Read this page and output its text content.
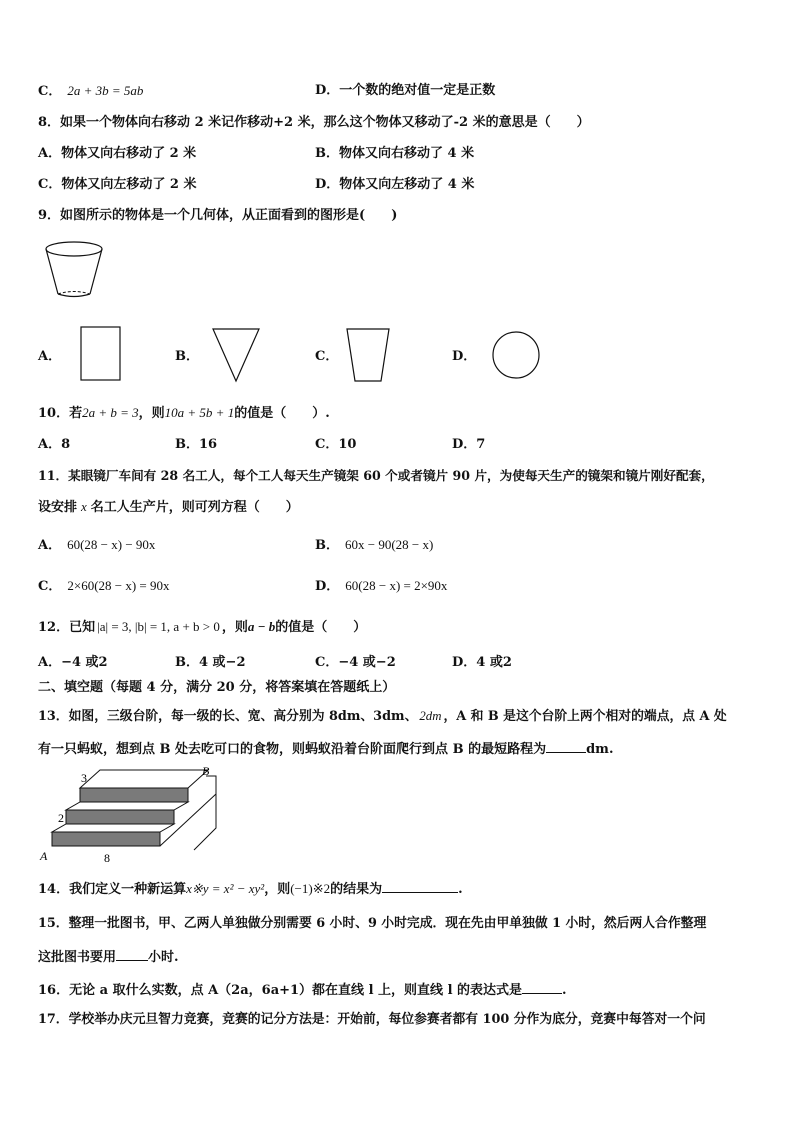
C． 2a + 3b = 5ab	D．一个数的绝对值一定是正数
8．如果一个物体向右移动 2 米记作移动+2 米，那么这个物体又移动了-2 米的意思是（　　）
A．物体又向右移动了 2 米	B．物体又向右移动了 4 米
C．物体又向左移动了 2 米	D．物体又向左移动了 4 米
9．如图所示的物体是一个几何体，从正面看到的图形是(　　)
A．	B．	C．	D．
10．若2a + b = 3，则10a + 5b + 1的值是（　　）.
A．8	B．16	C．10	D．7
11．某眼镜厂车间有 28 名工人，每个工人每天生产镜架 60 个或者镜片 90 片，为使每天生产的镜架和镜片刚好配套，
设安排 x 名工人生产片，则可列方程（　　）
A． 60(28 − x) − 90x	B． 60x − 90(28 − x)
C． 2×60(28 − x) = 90x	D． 60(28 − x) = 2×90x
12．已知 |a| = 3, |b| = 1, a + b > 0 ，则a − b的值是（　　）
A．−4 或2	B．4 或−2	C．−4 或−2	D．4 或2
二、填空题（每题 4 分，满分 20 分，将答案填在答题纸上）
13．如图，三级台阶，每一级的长、宽、高分别为 8dm、3dm、 2dm ，A 和 B 是这个台阶上两个相对的端点，点 A 处
有一只蚂蚁，想到点 B 处去吃可口的食物，则蚂蚁沿着台阶面爬行到点 B 的最短路程为	dm.
3
2
8
A
B
14．我们定义一种新运算x※y = x² − xy²，则(−1)※2的结果为	.
15．整理一批图书，甲、乙两人单独做分别需要 6 小时、9 小时完成．现在先由甲单独做 1 小时，然后两人合作整理
这批图书要用 小时.
16．无论 a 取什么实数，点 A（2a，6a+1）都在直线 l 上，则直线 l 的表达式是	.
17．学校举办庆元旦智力竞赛，竞赛的记分方法是：开始前，每位参赛者都有 100 分作为底分，竞赛中每答对一个问
